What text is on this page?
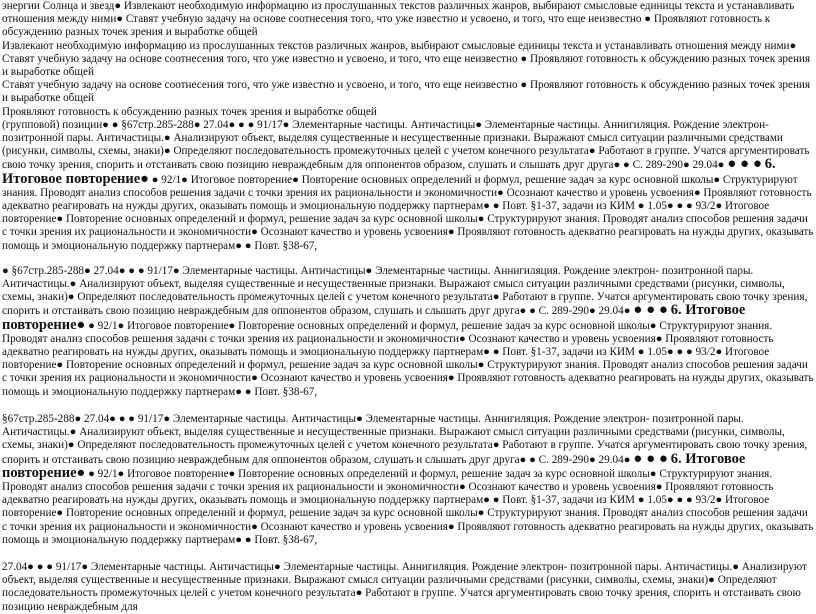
энергии Солнца и звезд● Извлекают необходимую информацию из прослушанных текстов различных жанров, выбирают смысловые единицы текста и устанавливать отношения между ними● Ставят учебную задачу на основе соотнесения того, что уже известно и усвоено, и того, что еще неизвестно ● Проявляют готовность к обсуждению разных точек зрения и выработке общей

Извлекают необходимую информацию из прослушанных текстов различных жанров, выбирают смысловые единицы текста и устанавливать отношения между ними● Ставят учебную задачу на основе соотнесения того, что уже известно и усвоено, и того, что еще неизвестно ● Проявляют готовность к обсуждению разных точек зрения и выработке общей

Ставят учебную задачу на основе соотнесения того, что уже известно и усвоено, и того, что еще неизвестно ● Проявляют готовность к обсуждению разных точек зрения и выработке общей

Проявляют готовность к обсуждению разных точек зрения и выработке общей

(групповой) позиции● ● §67стр.285-288● 27.04● ● ● 91/17● Элементарные частицы. Античастицы● Элементарные частицы. Аннигиляция. Рождение электрон- позитронной пары. Античастицы.● Анализируют объект, выделяя существенные и несущественные признаки. Выражают смысл ситуации различными средствами (рисунки, символы, схемы, знаки)● Определяют последовательность промежуточных целей с учетом конечного результата● Работают в группе. Учатся аргументировать свою точку зрения, спорить и отстаивать свою позицию невраждебным для оппонентов образом, слушать и слышать друг друга● ● С. 289-290● 29.04● ● ● ● 6. Итоговое повторение● ● 92/1● Итоговое повторение● Повторение основных определений и формул, решение задач за курс основной школы● Структурируют знания. Проводят анализ способов решения задачи с точки зрения их рациональности и экономичности● Осознают качество и уровень усвоения● Проявляют готовность адекватно реагировать на нужды других, оказывать помощь и эмоциональную поддержку партнерам● ● Повт. §1-37, задачи из КИМ ● 1.05● ● ● 93/2● Итоговое повторение● Повторение основных определений и формул, решение задач за курс основной школы● Структурируют знания. Проводят анализ способов решения задачи с точки зрения их рациональности и экономичности● Осознают качество и уровень усвоения● Проявляют готовность адекватно реагировать на нужды других, оказывать помощь и эмоциональную поддержку партнерам● ● Повт. §38-67,

● §67стр.285-288● 27.04● ● ● 91/17● Элементарные частицы. Античастицы● Элементарные частицы. Аннигиляция. Рождение электрон- позитронной пары. Античастицы.● Анализируют объект, выделяя существенные и несущественные признаки. Выражают смысл ситуации различными средствами (рисунки, символы, схемы, знаки)● Определяют последовательность промежуточных целей с учетом конечного результата● Работают в группе. Учатся аргументировать свою точку зрения, спорить и отстаивать свою позицию невраждебным для оппонентов образом, слушать и слышать друг друга● ● С. 289-290● 29.04● ● ● ● 6. Итоговое повторение● ● 92/1● Итоговое повторение● Повторение основных определений и формул, решение задач за курс основной школы● Структурируют знания. Проводят анализ способов решения задачи с точки зрения их рациональности и экономичности● Осознают качество и уровень усвоения● Проявляют готовность адекватно реагировать на нужды других, оказывать помощь и эмоциональную поддержку партнерам● ● Повт. §1-37, задачи из КИМ ● 1.05● ● ● 93/2● Итоговое повторение● Повторение основных определений и формул, решение задач за курс основной школы● Структурируют знания. Проводят анализ способов решения задачи с точки зрения их рациональности и экономичности● Осознают качество и уровень усвоения● Проявляют готовность адекватно реагировать на нужды других, оказывать помощь и эмоциональную поддержку партнерам● ● Повт. §38-67,

§67стр.285-288● 27.04● ● ● 91/17● Элементарные частицы. Античастицы● Элементарные частицы. Аннигиляция. Рождение электрон- позитронной пары. Античастицы.● Анализируют объект, выделяя существенные и несущественные признаки. Выражают смысл ситуации различными средствами (рисунки, символы, схемы, знаки)● Определяют последовательность промежуточных целей с учетом конечного результата● Работают в группе. Учатся аргументировать свою точку зрения, спорить и отстаивать свою позицию невраждебным для оппонентов образом, слушать и слышать друг друга● ● С. 289-290● 29.04● ● ● ● 6. Итоговое повторение● ● 92/1● Итоговое повторение● Повторение основных определений и формул, решение задач за курс основной школы● Структурируют знания. Проводят анализ способов решения задачи с точки зрения их рациональности и экономичности● Осознают качество и уровень усвоения● Проявляют готовность адекватно реагировать на нужды других, оказывать помощь и эмоциональную поддержку партнерам● ● Повт. §1-37, задачи из КИМ ● 1.05● ● ● 93/2● Итоговое повторение● Повторение основных определений и формул, решение задач за курс основной школы● Структурируют знания. Проводят анализ способов решения задачи с точки зрения их рациональности и экономичности● Осознают качество и уровень усвоения● Проявляют готовность адекватно реагировать на нужды других, оказывать помощь и эмоциональную поддержку партнерам● ● Повт. §38-67,

27.04● ● ● 91/17● Элементарные частицы. Античастицы● Элементарные частицы. Аннигиляция. Рождение электрон- позитронной пары. Античастицы.● Анализируют объект, выделяя существенные и несущественные признаки. Выражают смысл ситуации различными средствами (рисунки, символы, схемы, знаки)● Определяют последовательность промежуточных целей с учетом конечного результата● Работают в группе. Учатся аргументировать свою точку зрения, спорить и отстаивать свою позицию невраждебным для
